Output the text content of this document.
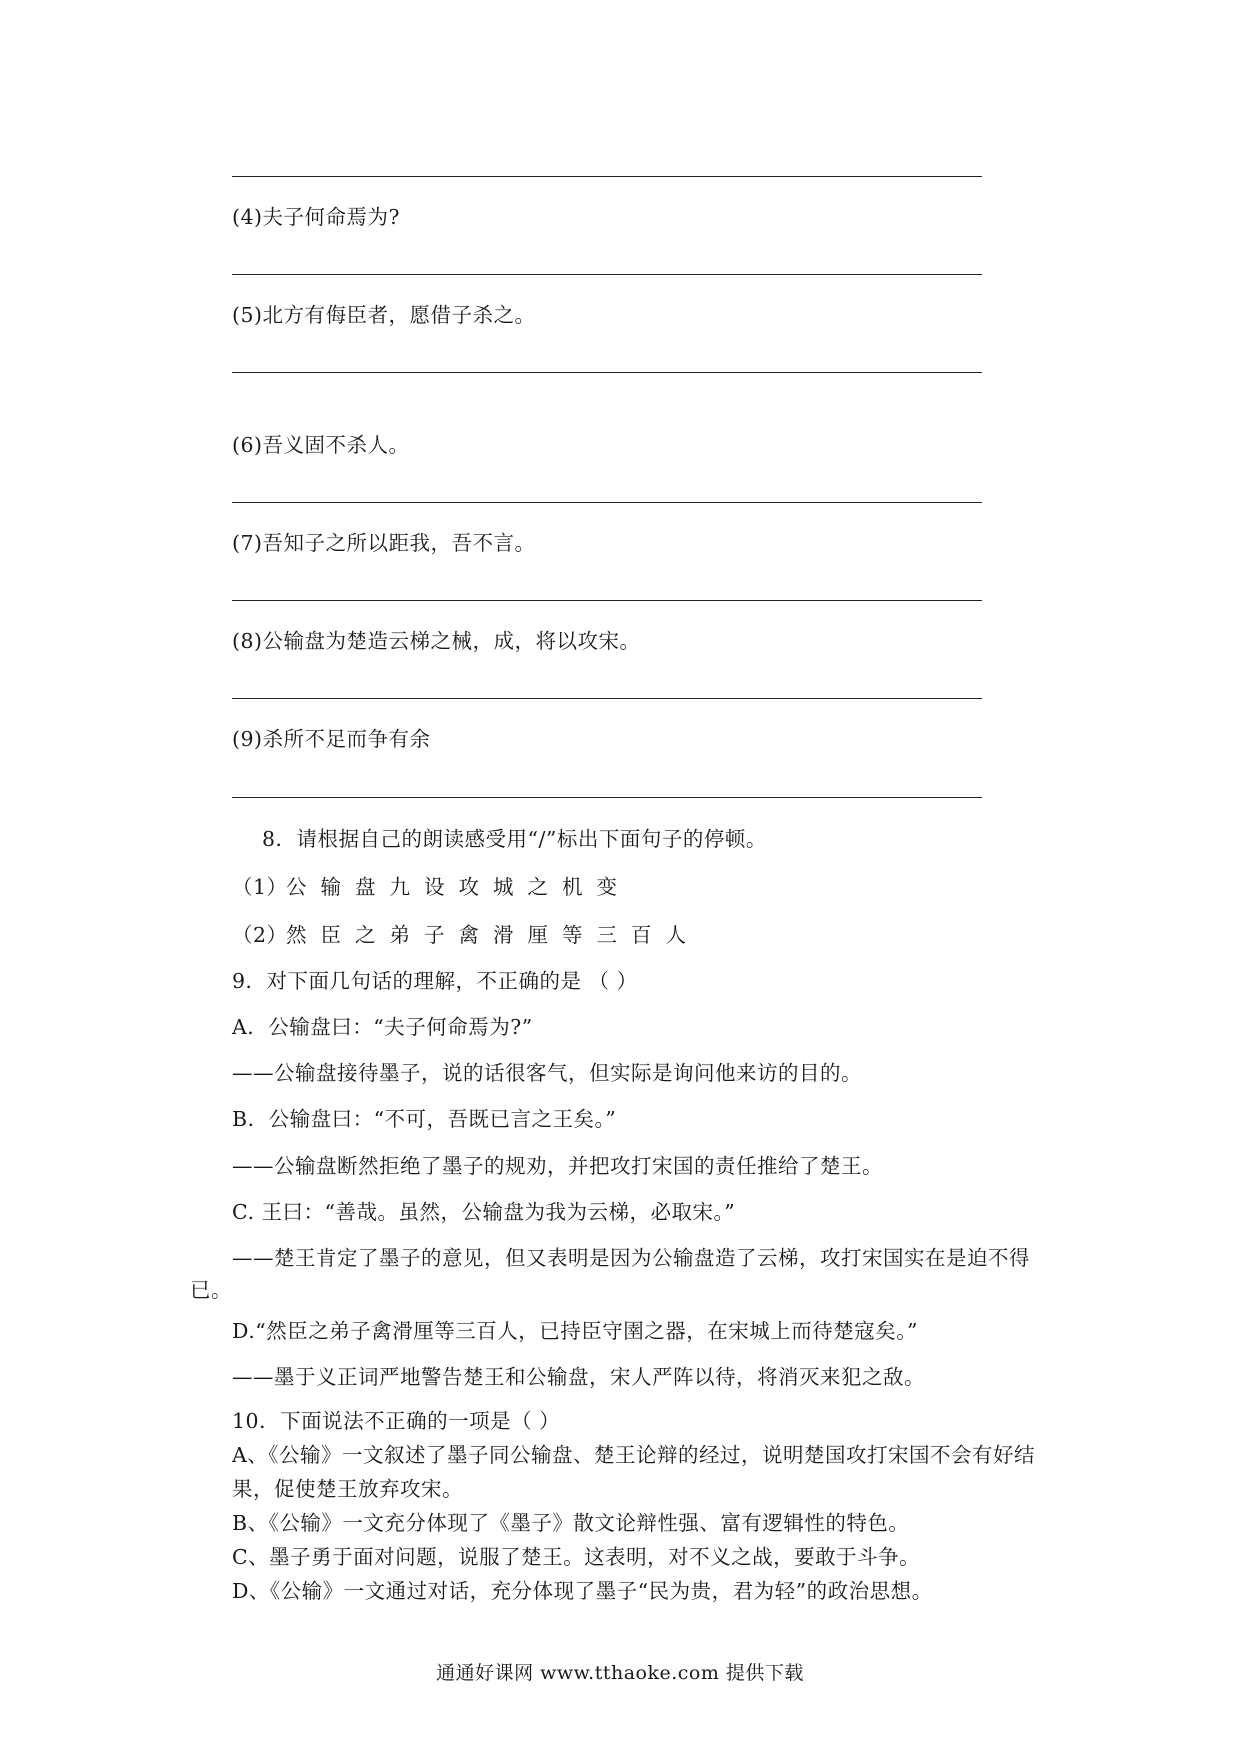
(4)夫子何命焉为?
(5)北方有侮臣者，愿借子杀之。
(6)吾义固不杀人。
(7)吾知子之所以距我，吾不言。
(8)公输盘为楚造云梯之械，成，将以攻宋。
(9)杀所不足而争有余
8．请根据自己的朗读感受用“/”标出下面句子的停顿。
（1）
公输盘九设攻城之机变
（2）
然臣之弟子禽滑厘等三百人
9．对下面几句话的理解，不正确的是 （ ）
A．公输盘曰：“夫子何命焉为?”
——公输盘接待墨子，说的话很客气，但实际是询问他来访的目的。
B．公输盘曰：“不可，吾既已言之王矣。”
——公输盘断然拒绝了墨子的规劝，并把攻打宋国的责任推给了楚王。
C. 王曰：“善哉。虽然，公输盘为我为云梯，必取宋。”
——楚王肯定了墨子的意见，但又表明是因为公输盘造了云梯，攻打宋国实在是迫不得
已。
D.“然臣之弟子禽滑厘等三百人，已持臣守圉之器，在宋城上而待楚寇矣。”
——墨于义正词严地警告楚王和公输盘，宋人严阵以待，将消灭来犯之敌。
10．下面说法不正确的一项是（ ）
A、《公输》一文叙述了墨子同公输盘、楚王论辩的经过，说明楚国攻打宋国不会有好结
果，促使楚王放弃攻宋。
B、《公输》一文充分体现了《墨子》散文论辩性强、富有逻辑性的特色。
C、墨子勇于面对问题，说服了楚王。这表明，对不义之战，要敢于斗争。
D、《公输》一文通过对话，充分体现了墨子“民为贵，君为轻”的政治思想。
通通好课网 www.tthaoke.com 提供下载
